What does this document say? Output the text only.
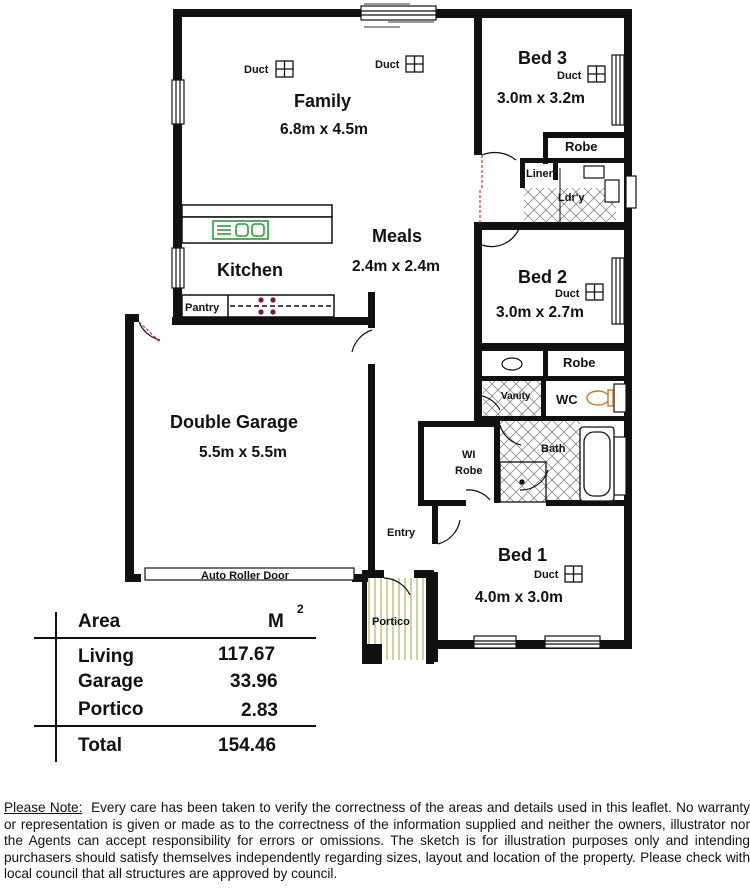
Duct	Duct
Duct
Duct
Duct
Family
6.8m x 4.5m
Meals
2.4m x 2.4m
Kitchen
Pantry
Double Garage
5.5m x 5.5m
Auto Roller Door
Bed 3
3.0m x 3.2m
Robe
Linen
Ldr'y
Bed 2
3.0m x 2.7m
Robe
Vanity WC
Bath
WI
Robe
Entry
Bed 1
4.0m x 3.0m
Portico
Area	M
2
Living	117.67
Garage	33.96
Portico	2.83
Total	154.46
Please Note: Every care has been taken to verify the correctness of the areas and details used in this leaflet. No warranty or representation is given or made as to the correctness of the information supplied and neither the owners, illustrator nor the Agents can accept responsibility for errors or omissions. The sketch is for illustration purposes only and intending purchasers should satisfy themselves independently regarding sizes, layout and location of the property. Please check with local council that all structures are approved by council.
